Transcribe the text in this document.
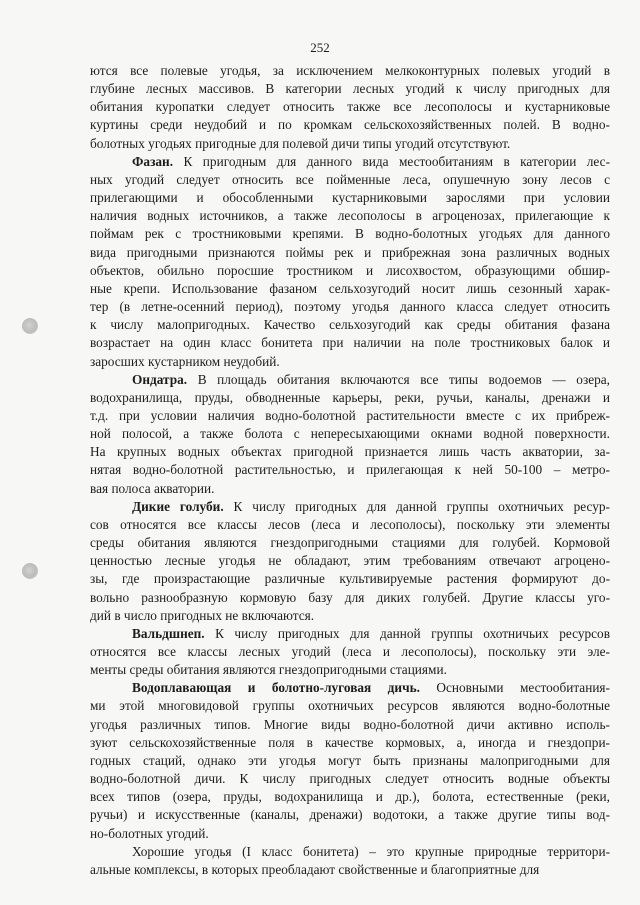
252
ются все полевые угодья, за исключением мелкоконтурных полевых угодий в
глубине лесных массивов. В категории лесных угодий к числу пригодных для
обитания куропатки следует относить также все лесополосы и кустарниковые
куртины среди неудобий и по кромкам сельскохозяйственных полей. В водно-
болотных угодьях пригодные для полевой дичи типы угодий отсутствуют.
Фазан. К пригодным для данного вида местообитаниям в категории лес-
ных угодий следует относить все пойменные леса, опушечную зону лесов с
прилегающими и обособленными кустарниковыми зарослями при условии
наличия водных источников, а также лесополосы в агроценозах, прилегающие к
поймам рек с тростниковыми крепями. В водно-болотных угодьях для данного
вида пригодными признаются поймы рек и прибрежная зона различных водных
объектов, обильно поросшие тростником и лисохвостом, образующими обшир-
ные крепи. Использование фазаном сельхозугодий носит лишь сезонный харак-
тер (в летне-осенний период), поэтому угодья данного класса следует относить
к числу малопригодных. Качество сельхозугодий как среды обитания фазана
возрастает на один класс бонитета при наличии на поле тростниковых балок и
заросших кустарником неудобий.
Ондатра. В площадь обитания включаются все типы водоемов — озера,
водохранилища, пруды, обводненные карьеры, реки, ручьи, каналы, дренажи и
т.д. при условии наличия водно-болотной растительности вместе с их прибреж-
ной полосой, а также болота с непересыхающими окнами водной поверхности.
На крупных водных объектах пригодной признается лишь часть акватории, за-
нятая водно-болотной растительностью, и прилегающая к ней 50-100 – метро-
вая полоса акватории.
Дикие голуби. К числу пригодных для данной группы охотничьих ресур-
сов относятся все классы лесов (леса и лесополосы), поскольку эти элементы
среды обитания являются гнездопригодными стациями для голубей. Кормовой
ценностью лесные угодья не обладают, этим требованиям отвечают агроцено-
зы, где произрастающие различные культивируемые растения формируют до-
вольно разнообразную кормовую базу для диких голубей. Другие классы уго-
дий в число пригодных не включаются.
Вальдшнеп. К числу пригодных для данной группы охотничьих ресурсов
относятся все классы лесных угодий (леса и лесополосы), поскольку эти эле-
менты среды обитания являются гнездопригодными стациями.
Водоплавающая и болотно-луговая дичь. Основными местообитания-
ми этой многовидовой группы охотничьих ресурсов являются водно-болотные
угодья различных типов. Многие виды водно-болотной дичи активно исполь-
зуют сельскохозяйственные поля в качестве кормовых, а, иногда и гнездопри-
годных стаций, однако эти угодья могут быть признаны малопригодными для
водно-болотной дичи. К числу пригодных следует относить водные объекты
всех типов (озера, пруды, водохранилища и др.), болота, естественные (реки,
ручьи) и искусственные (каналы, дренажи) водотоки, а также другие типы вод-
но-болотных угодий.
Хорошие угодья (I класс бонитета) – это крупные природные территори-
альные комплексы, в которых преобладают свойственные и благоприятные для
